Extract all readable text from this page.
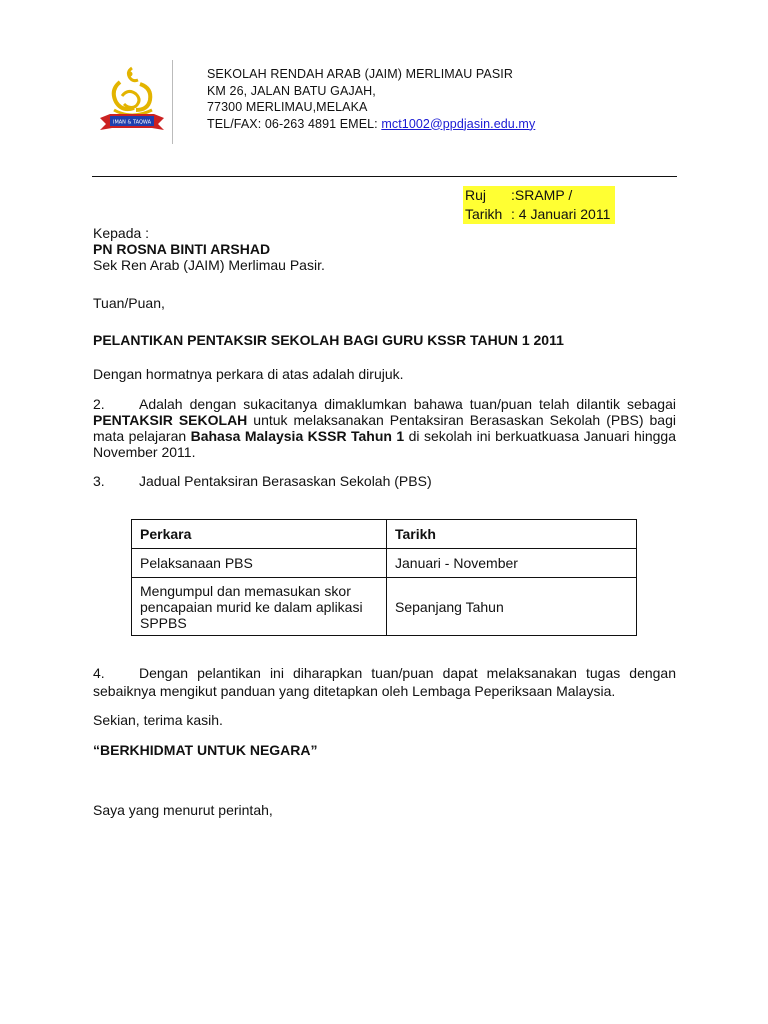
IMAN & TAQWA
SEKOLAH RENDAH ARAB (JAIM) MERLIMAU PASIR
KM 26, JALAN BATU GAJAH,
77300 MERLIMAU,MELAKA
TEL/FAX: 06-263 4891 EMEL: mct1002@ppdjasin.edu.my
Ruj :SRAMP /
Tarikh : 4 Januari 2011
Kepada :
PN ROSNA BINTI ARSHAD
Sek Ren Arab (JAIM) Merlimau Pasir.
Tuan/Puan,
PELANTIKAN PENTAKSIR SEKOLAH BAGI GURU KSSR TAHUN 1 2011
Dengan hormatnya perkara di atas adalah dirujuk.
2. Adalah dengan sukacitanya dimaklumkan bahawa tuan/puan telah dilantik sebagai PENTAKSIR SEKOLAH untuk melaksanakan Pentaksiran Berasaskan Sekolah (PBS) bagi mata pelajaran Bahasa Malaysia KSSR Tahun 1 di sekolah ini berkuatkuasa Januari hingga November 2011.
3. Jadual Pentaksiran Berasaskan Sekolah (PBS)
Perkara	Tarikh
Pelaksanaan PBS	Januari - November
Mengumpul dan memasukan skor pencapaian murid ke dalam aplikasi SPPBS	Sepanjang Tahun
4. Dengan pelantikan ini diharapkan tuan/puan dapat melaksanakan tugas dengan sebaiknya mengikut panduan yang ditetapkan oleh Lembaga Peperiksaan Malaysia.
Sekian, terima kasih.
“BERKHIDMAT UNTUK NEGARA”
Saya yang menurut perintah,
